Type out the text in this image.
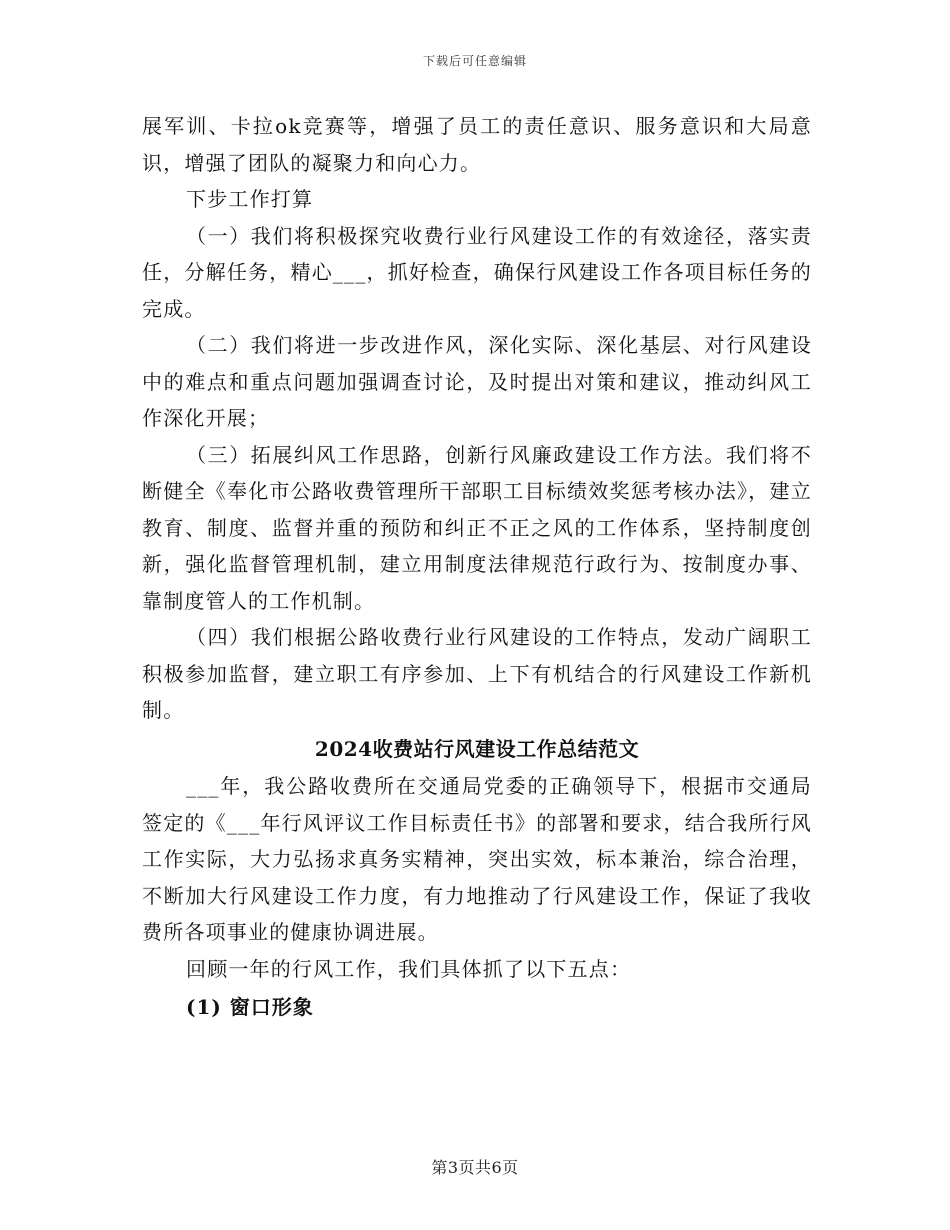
下载后可任意编辑

展军训、卡拉ok竞赛等，增强了员工的责任意识、服务意识和大局意识，增强了团队的凝聚力和向心力。

下步工作打算

（一）我们将积极探究收费行业行风建设工作的有效途径，落实责任，分解任务，精心___，抓好检查，确保行风建设工作各项目标任务的完成。

（二）我们将进一步改进作风，深化实际、深化基层、对行风建设中的难点和重点问题加强调查讨论，及时提出对策和建议，推动纠风工作深化开展；

（三）拓展纠风工作思路，创新行风廉政建设工作方法。我们将不断健全《奉化市公路收费管理所干部职工目标绩效奖惩考核办法》，建立教育、制度、监督并重的预防和纠正不正之风的工作体系，坚持制度创新，强化监督管理机制，建立用制度法律规范行政行为、按制度办事、靠制度管人的工作机制。

（四）我们根据公路收费行业行风建设的工作特点，发动广阔职工积极参加监督，建立职工有序参加、上下有机结合的行风建设工作新机制。

2024收费站行风建设工作总结范文

___年，我公路收费所在交通局党委的正确领导下，根据市交通局签定的《___年行风评议工作目标责任书》的部署和要求，结合我所行风工作实际，大力弘扬求真务实精神，突出实效，标本兼治，综合治理，不断加大行风建设工作力度，有力地推动了行风建设工作，保证了我收费所各项事业的健康协调进展。

回顾一年的行风工作，我们具体抓了以下五点：

(1) 窗口形象

第3页共6页
